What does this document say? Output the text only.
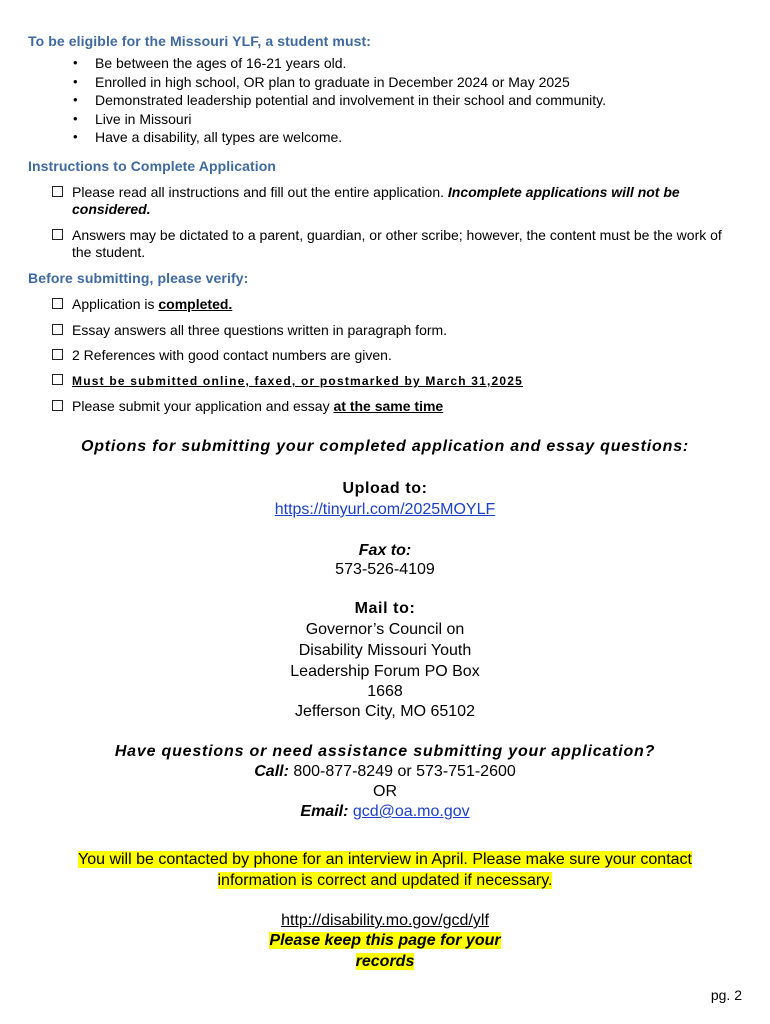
To be eligible for the Missouri YLF, a student must:
• Be between the ages of 16-21 years old.
• Enrolled in high school, OR plan to graduate in December 2024 or May 2025
• Demonstrated leadership potential and involvement in their school and community.
• Live in Missouri
• Have a disability, all types are welcome.
Instructions to Complete Application
Please read all instructions and fill out the entire application. Incomplete applications will not be considered.
Answers may be dictated to a parent, guardian, or other scribe; however, the content must be the work of the student.
Before submitting, please verify:
Application is completed.
Essay answers all three questions written in paragraph form.
2 References with good contact numbers are given.
Must be submitted online, faxed, or postmarked by March 31,2025
Please submit your application and essay at the same time
Options for submitting your completed application and essay questions:
Upload to:
https://tinyurl.com/2025MOYLF
Fax to:
573-526-4109
Mail to:
Governor’s Council on
Disability Missouri Youth
Leadership Forum PO Box
1668
Jefferson City, MO 65102
Have questions or need assistance submitting your application?
Call: 800-877-8249 or 573-751-2600
OR
Email: gcd@oa.mo.gov
You will be contacted by phone for an interview in April. Please make sure your contact
information is correct and updated if necessary.
http://disability.mo.gov/gcd/ylf
Please keep this page for your
records
pg. 2
